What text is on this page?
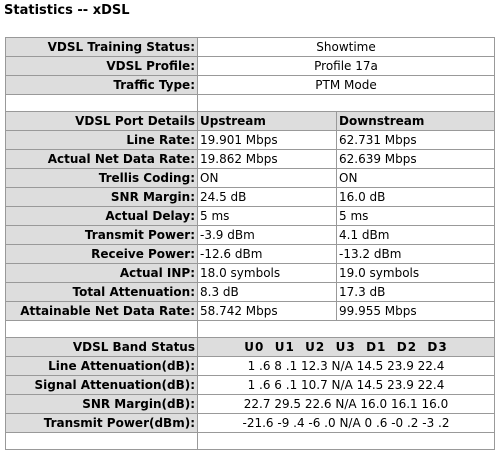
Statistics -- xDSL
VDSL Training Status:	Showtime	
VDSL Profile:	Profile 17a	
Traffic Type:	PTM Mode	

VDSL Port Details	Upstream	Downstream
Line Rate:	19.901 Mbps	62.731 Mbps
Actual Net Data Rate:	19.862 Mbps	62.639 Mbps
Trellis Coding:	ON	ON
SNR Margin:	24.5 dB	16.0 dB
Actual Delay:	5 ms	5 ms
Transmit Power:	-3.9 dBm	4.1 dBm
Receive Power:	-12.6 dBm	-13.2 dBm
Actual INP:	18.0 symbols	19.0 symbols
Total Attenuation:	8.3 dB	17.3 dB
Attainable Net Data Rate:	58.742 Mbps	99.955 Mbps

VDSL Band Status	U0  U1  U2  U3  D1  D2  D3	
Line Attenuation(dB):	1 .6 8 .1 12.3 N/A 14.5 23.9 22.4	
Signal Attenuation(dB):	1 .6 6 .1 10.7 N/A 14.5 23.9 22.4	
SNR Margin(dB):	22.7 29.5 22.6 N/A 16.0 16.1 16.0	
Transmit Power(dBm):	-21.6 -9 .4 -6 .0 N/A 0 .6 -0 .2 -3 .2	
